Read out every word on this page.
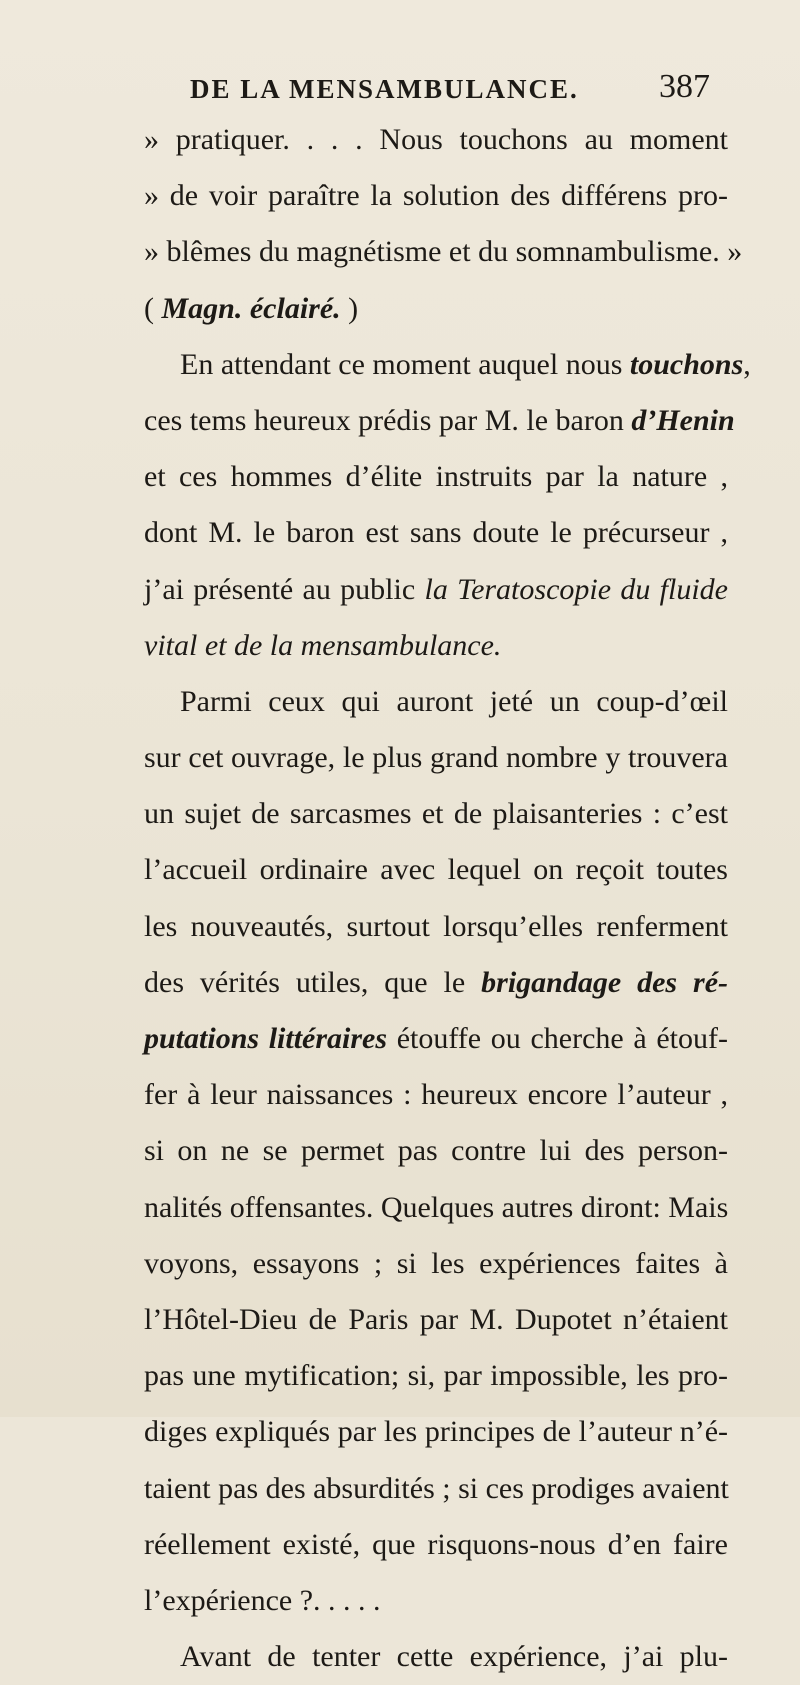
DE LA MENSAMBULANCE. 387
» pratiquer. . . . Nous touchons au moment
» de voir paraître la solution des différens pro-
» blêmes du magnétisme et du somnambulisme. »
( Magn. éclairé. )
En attendant ce moment auquel nous touchons,
ces tems heureux prédis par M. le baron d’Henin
et ces hommes d’élite instruits par la nature ,
dont M. le baron est sans doute le précurseur ,
j’ai présenté au public la Teratoscopie du fluide
vital et de la mensambulance.
Parmi ceux qui auront jeté un coup-d’œil
sur cet ouvrage, le plus grand nombre y trouvera
un sujet de sarcasmes et de plaisanteries : c’est
l’accueil ordinaire avec lequel on reçoit toutes
les nouveautés, surtout lorsqu’elles renferment
des vérités utiles, que le brigandage des ré-
putations littéraires étouffe ou cherche à étouf-
fer à leur naissances : heureux encore l’auteur ,
si on ne se permet pas contre lui des person-
nalités offensantes. Quelques autres diront: Mais
voyons, essayons ; si les expériences faites à
l’Hôtel-Dieu de Paris par M. Dupotet n’étaient
pas une mytification; si, par impossible, les pro-
diges expliqués par les principes de l’auteur n’é-
taient pas des absurdités ; si ces prodiges avaient
réellement existé, que risquons-nous d’en faire
l’expérience ?. . . . .
Avant de tenter cette expérience, j’ai plu-
